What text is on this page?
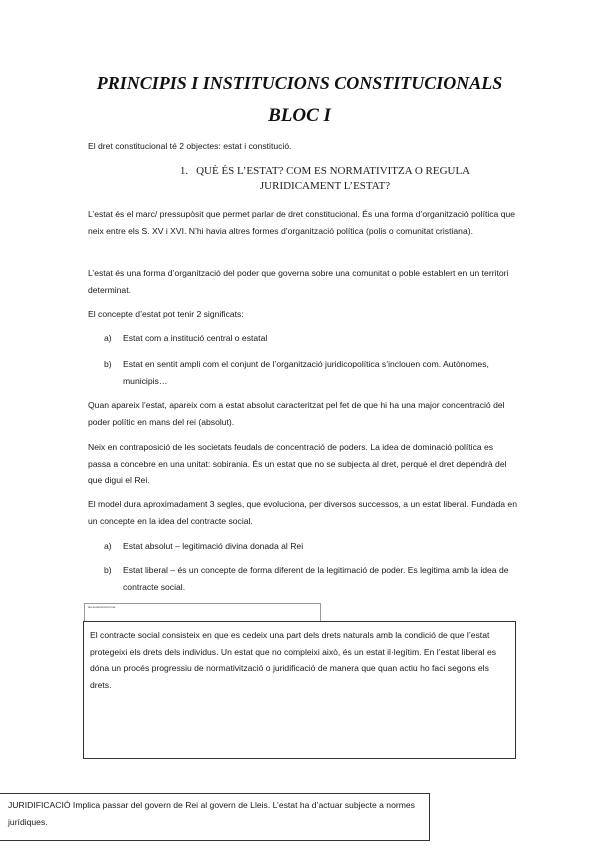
PRINCIPIS I INSTITUCIONS CONSTITUCIONALS
BLOC I

El dret constitucional té 2 objectes: estat i constitució.

1. QUÈ ÉS L’ESTAT? COM ES NORMATIVITZA O REGULA
JURIDICAMENT L’ESTAT?

L’estat és el marc/ pressupòsit que permet parlar de dret constitucional. És una forma d’organització política que neix entre els S. XV i XVI. N’hi havia altres formes d’organització política (polis o comunitat cristiana).

L’estat és una forma d’organització del poder que governa sobre una comunitat o poble establert en un territori determinat.

El concepte d’estat pot tenir 2 significats:

a) Estat com a institució central o estatal
b) Estat en sentit ampli com el conjunt de l’organització juridicopolítica s’inclouen com. Autònomes, municipis…

Quan apareix l’estat, apareix com a estat absolut caracteritzat pel fet de que hi ha una major concentració del poder polític en mans del rei (absolut).

Neix en contraposició de les societats feudals de concentració de poders. La idea de dominació política es passa a concebre en una unitat: sobirania. És un estat que no se subjecta al dret, perquè el dret dependrà del que digui el Rei.

El model dura aproximadament 3 segles, que evoluciona, per diversos successos, a un estat liberal. Fundada en un concepte en la idea del contracte social.

a) Estat absolut – legitimació divina donada al Rei
b) Estat liberal – és un concepte de forma diferent de la legitimació de poder. Es legitima amb la idea de contracte social.
Ha autenticat la línia
El contracte social consisteix en que es cedeix una part dels drets naturals amb la condició de que l’estat protegeixi els drets dels individus. Un estat que no compleixi això, és un estat il·legítim. En l’estat liberal es dóna un procés progressiu de normativització o juridificació de manera que quan actiu ho faci segons els drets.
JURIDIFICACIÓ Implica passar del govern de Rei al govern de Lleis. L’estat ha d’actuar subjecte a normes jurídiques.
